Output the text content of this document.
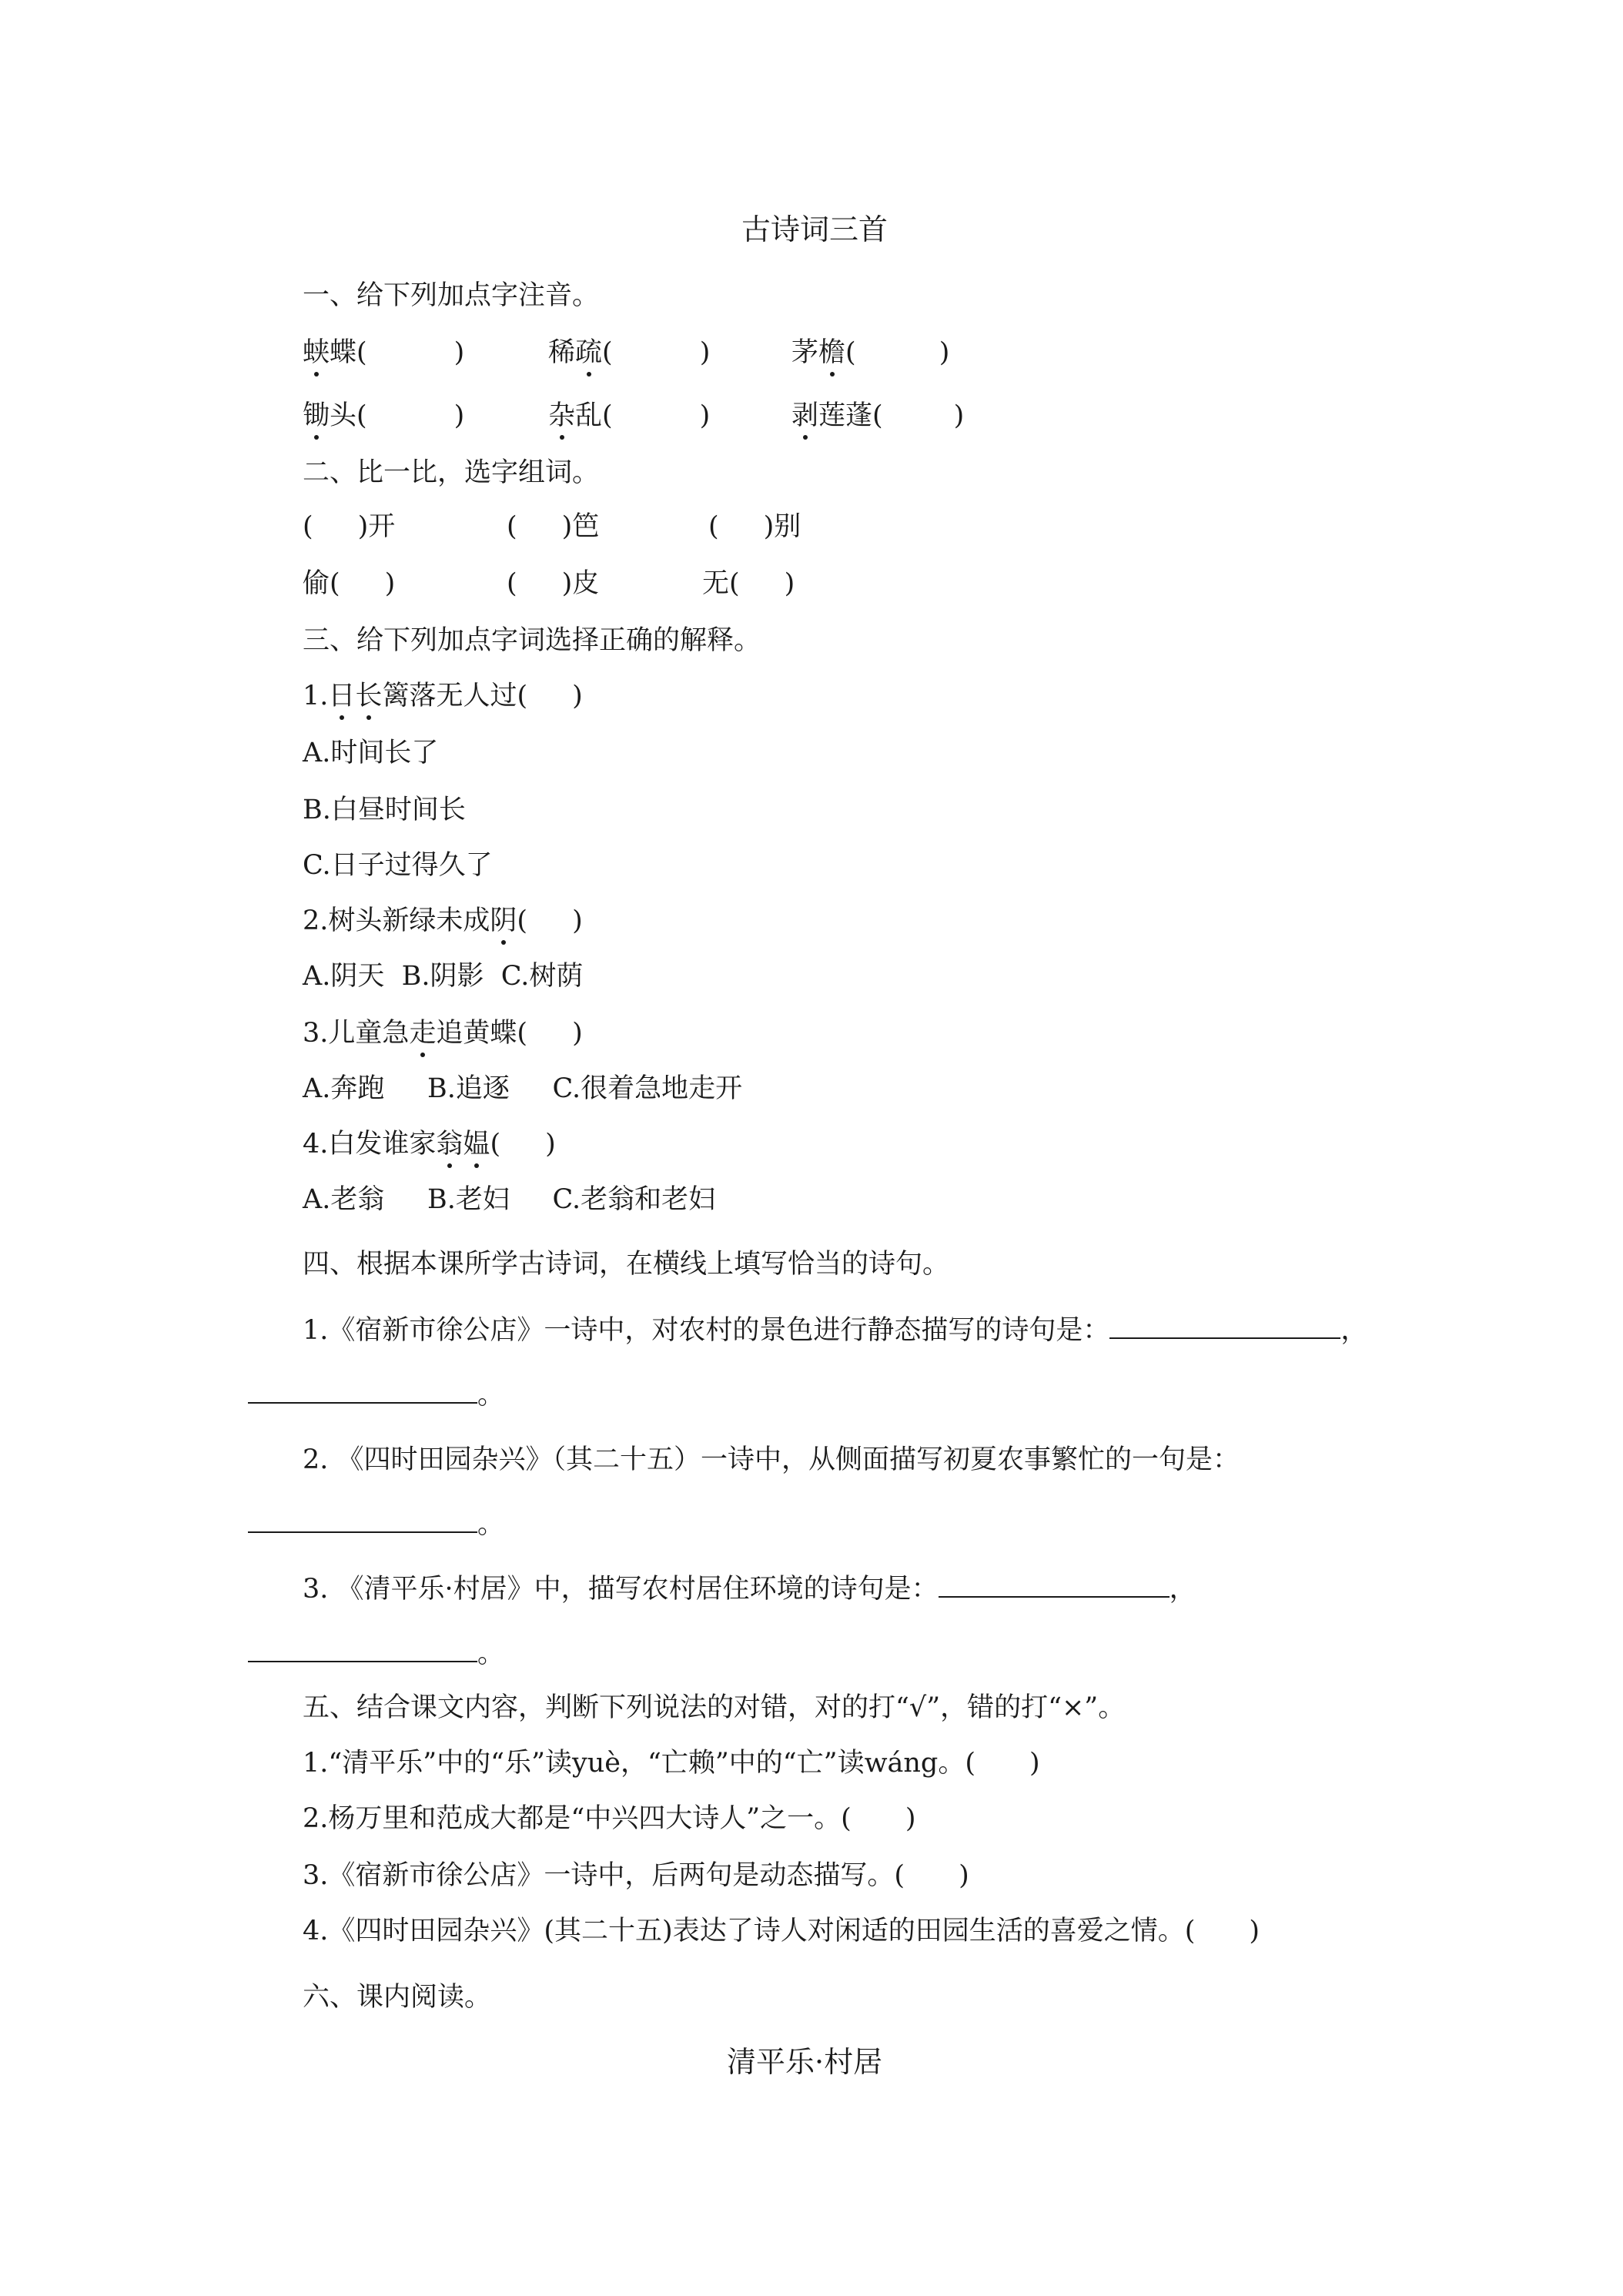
古诗词三首
一、给下列加点字注音。
蛱蝶(	)	稀疏(	)	茅檐(	)
锄头(	)	杂乱(	)	剥莲蓬(	)
二、比一比，选字组词。
( )开	( )笆	( )别
偷( )	( )皮	无( )
三、给下列加点字词选择正确的解释。
1.日长篱落无人过( )
A.时间长了
B.白昼时间长
C.日子过得久了
2.树头新绿未成阴( )
A.阴天  B.阴影  C.树荫
3.儿童急走追黄蝶( )
A.奔跑     B.追逐     C.很着急地走开
4.白发谁家翁媪( )
A.老翁     B.老妇     C.老翁和老妇
四、根据本课所学古诗词，在横线上填写恰当的诗句。
1.《宿新市徐公店》一诗中，对农村的景色进行静态描写的诗句是：	，
。
2. 《四时田园杂兴》（其二十五）一诗中，从侧面描写初夏农事繁忙的一句是：
。
3. 《清平乐·村居》中，描写农村居住环境的诗句是：	，
。
五、结合课文内容，判断下列说法的对错，对的打“√”，错的打“×”。
1.“清平乐”中的“乐”读yuè，“亡赖”中的“亡”读wáng。( )
2.杨万里和范成大都是“中兴四大诗人”之一。( )
3.《宿新市徐公店》一诗中，后两句是动态描写。( )
4.《四时田园杂兴》(其二十五)表达了诗人对闲适的田园生活的喜爱之情。( )
六、课内阅读。
清平乐·村居
